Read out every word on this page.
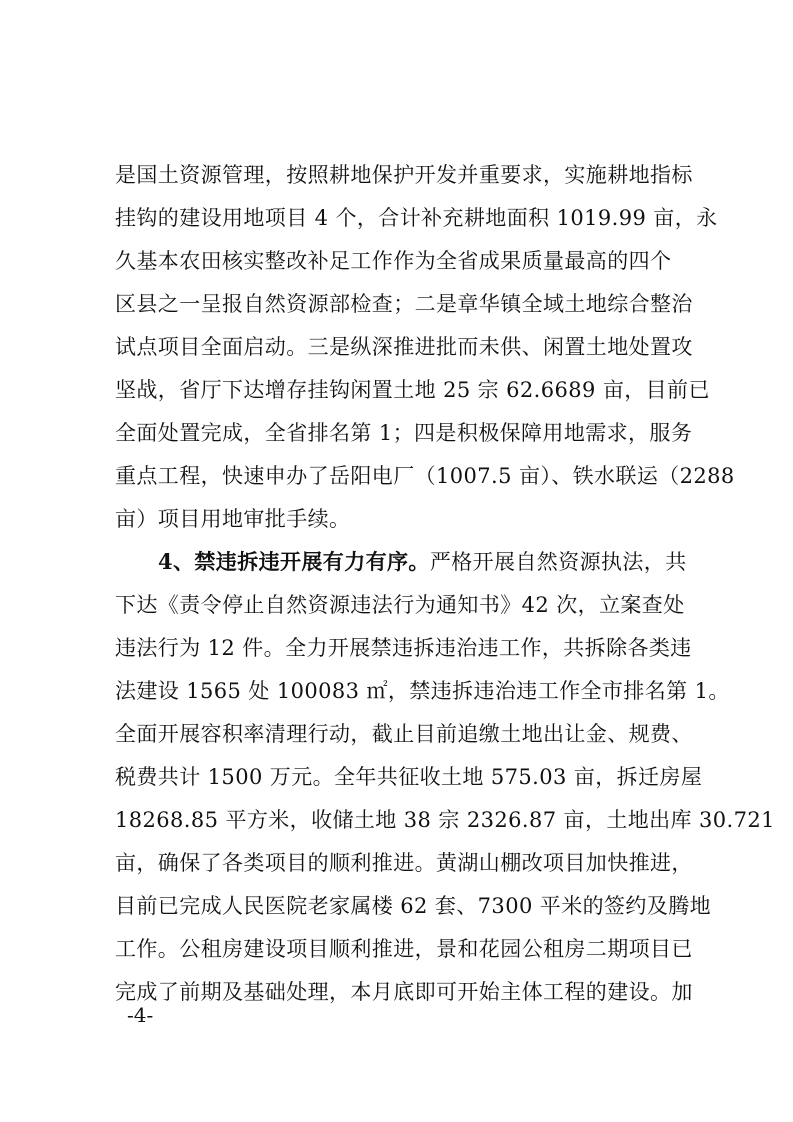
是国土资源管理，按照耕地保护开发并重要求，实施耕地指标
挂钩的建设用地项目 4 个，合计补充耕地面积 1019.99 亩，永
久基本农田核实整改补足工作作为全省成果质量最高的四个
区县之一呈报自然资源部检查；二是章华镇全域土地综合整治
试点项目全面启动。三是纵深推进批而未供、闲置土地处置攻
坚战，省厅下达增存挂钩闲置土地 25 宗 62.6689 亩，目前已
全面处置完成，全省排名第 1；四是积极保障用地需求，服务
重点工程，快速申办了岳阳电厂（1007.5 亩）、铁水联运（2288
亩）项目用地审批手续。
4、禁违拆违开展有力有序。严格开展自然资源执法，共
下达《责令停止自然资源违法行为通知书》42 次，立案查处
违法行为 12 件。全力开展禁违拆违治违工作，共拆除各类违
法建设 1565 处 100083 ㎡，禁违拆违治违工作全市排名第 1。
全面开展容积率清理行动，截止目前追缴土地出让金、规费、
税费共计 1500 万元。全年共征收土地 575.03 亩，拆迁房屋
18268.85 平方米，收储土地 38 宗 2326.87 亩，土地出库 30.721
亩，确保了各类项目的顺利推进。黄湖山棚改项目加快推进，
目前已完成人民医院老家属楼 62 套、7300 平米的签约及腾地
工作。公租房建设项目顺利推进，景和花园公租房二期项目已
完成了前期及基础处理，本月底即可开始主体工程的建设。加
-4-
